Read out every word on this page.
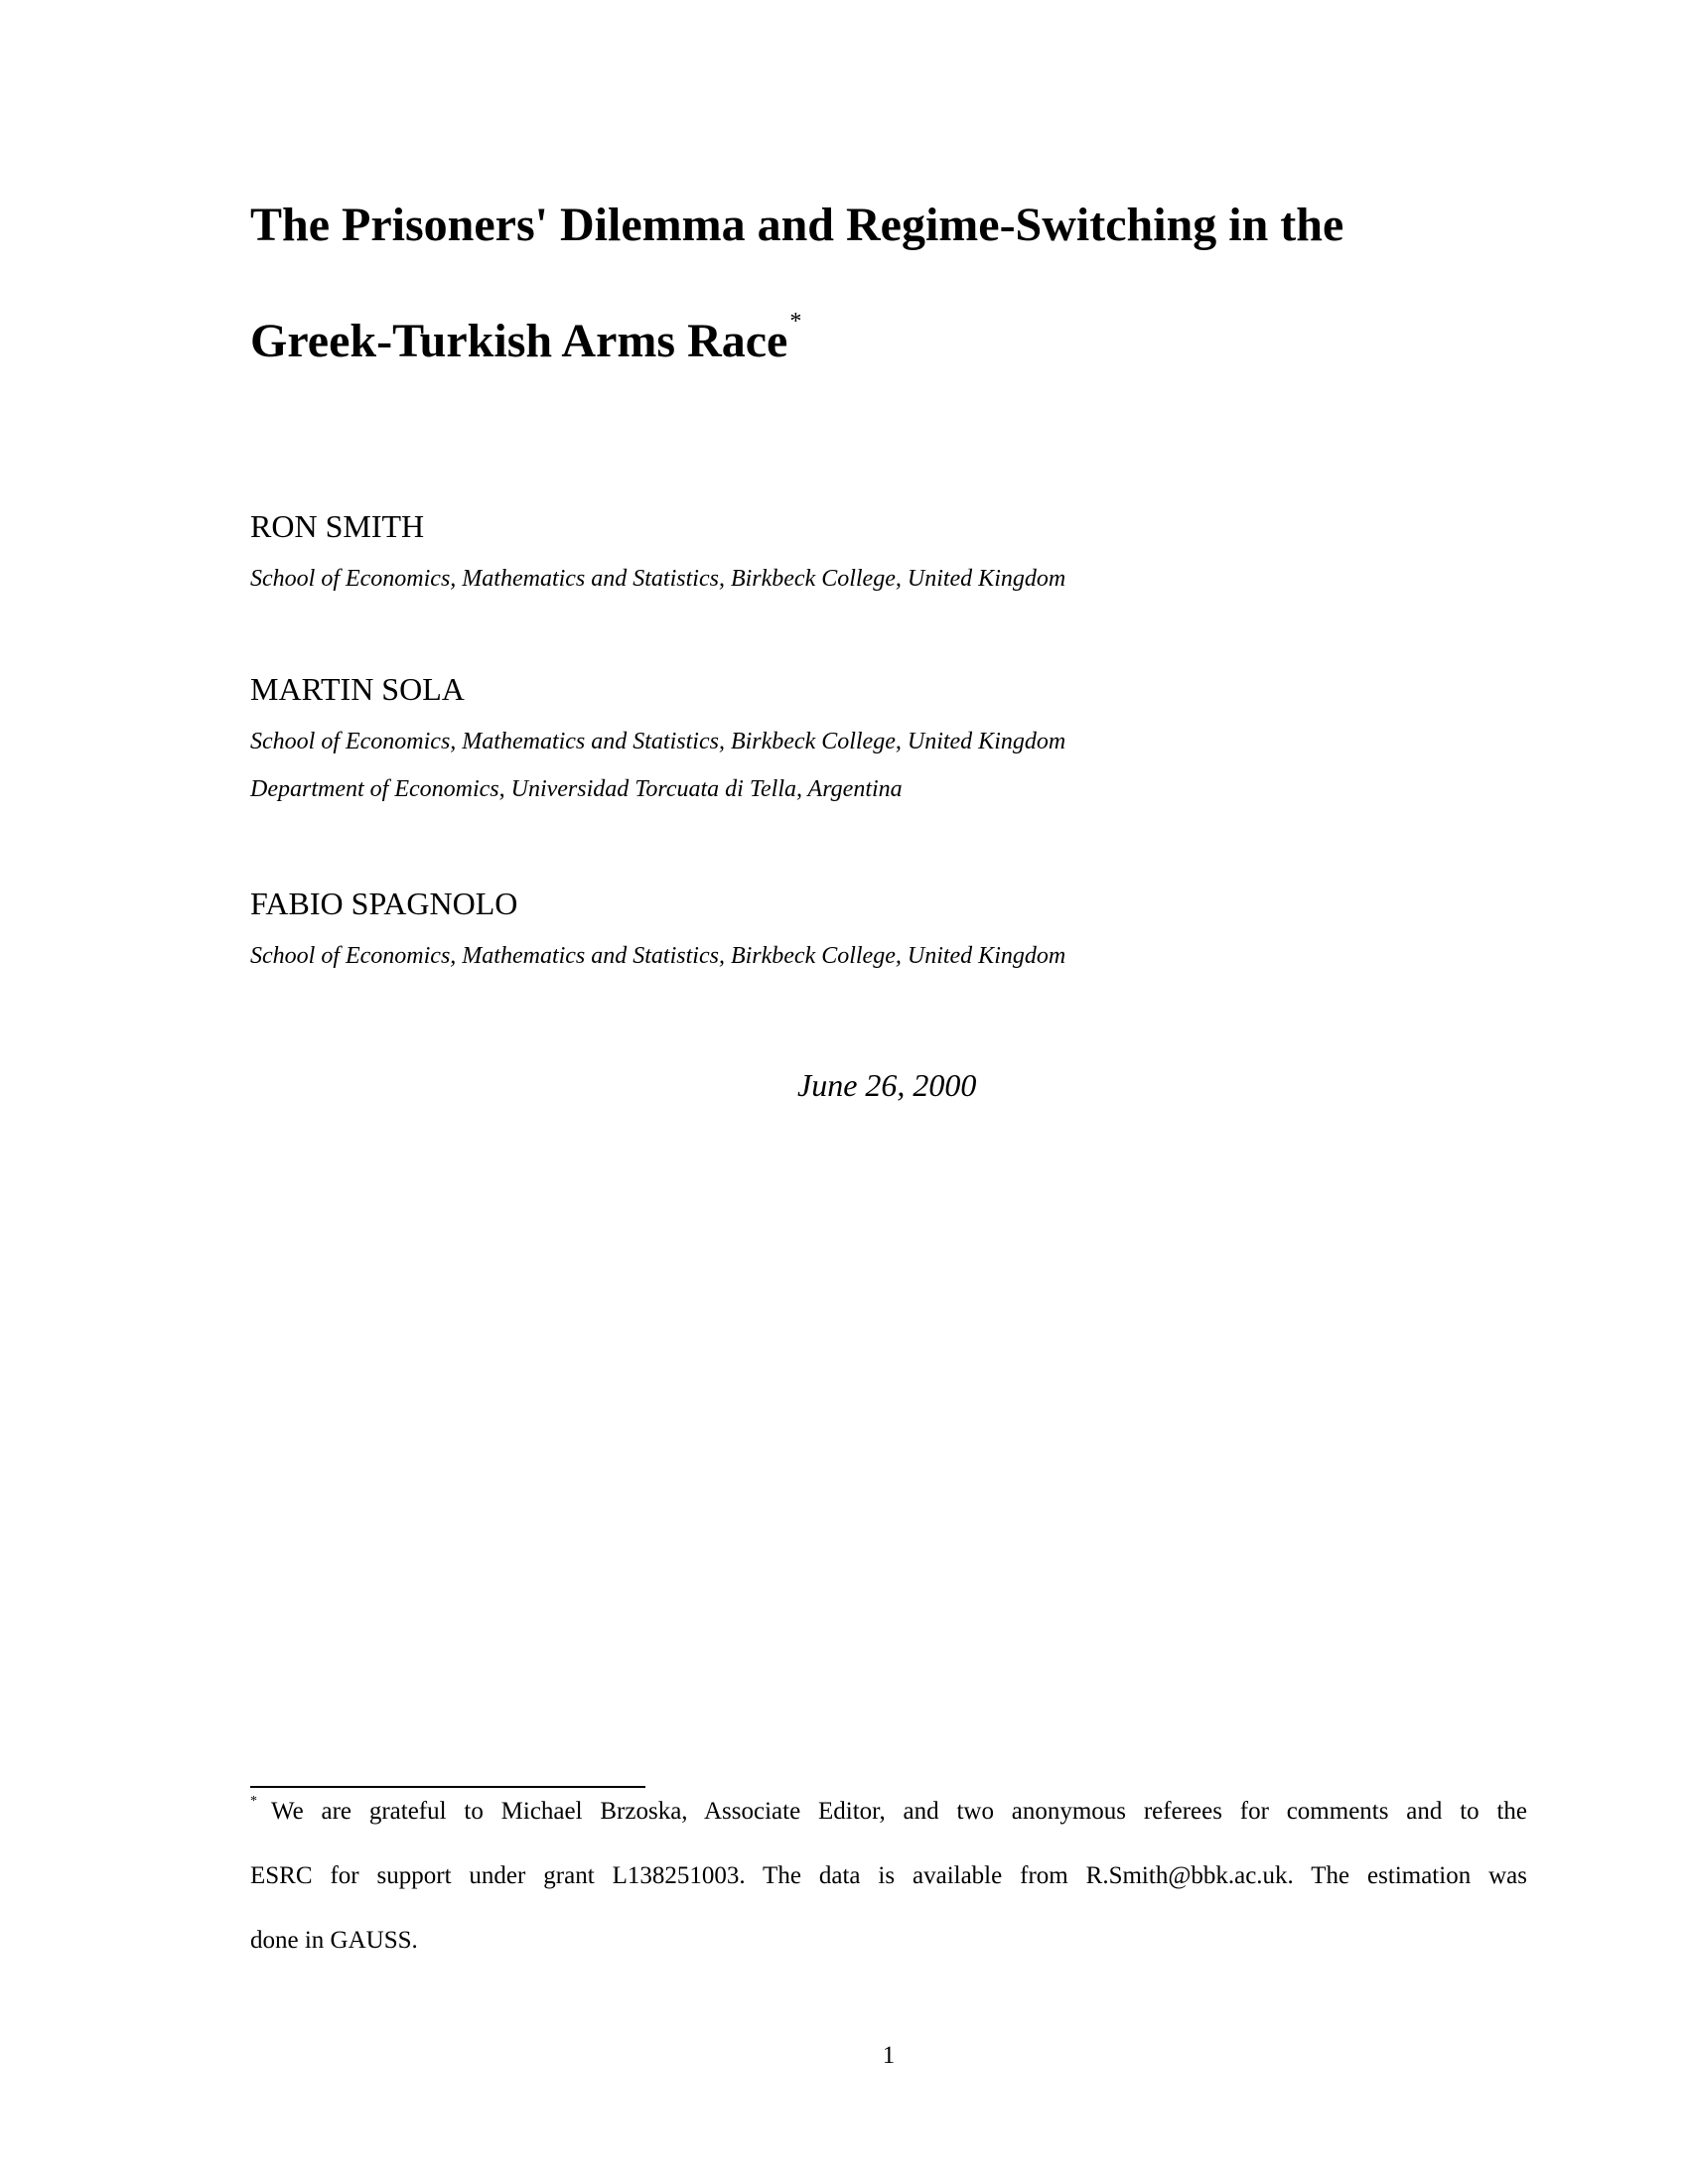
The Prisoners' Dilemma and Regime-Switching in the
Greek-Turkish Arms Race*
RON SMITH
School of Economics, Mathematics and Statistics, Birkbeck College, United Kingdom
MARTIN SOLA
School of Economics, Mathematics and Statistics, Birkbeck College, United Kingdom
Department of Economics, Universidad Torcuata di Tella, Argentina
FABIO SPAGNOLO
School of Economics, Mathematics and Statistics, Birkbeck College, United Kingdom
June 26, 2000
* We are grateful to Michael Brzoska, Associate Editor, and two anonymous referees for comments and to the
ESRC for support under grant L138251003. The data is available from R.Smith@bbk.ac.uk. The estimation was
done in GAUSS.
1
